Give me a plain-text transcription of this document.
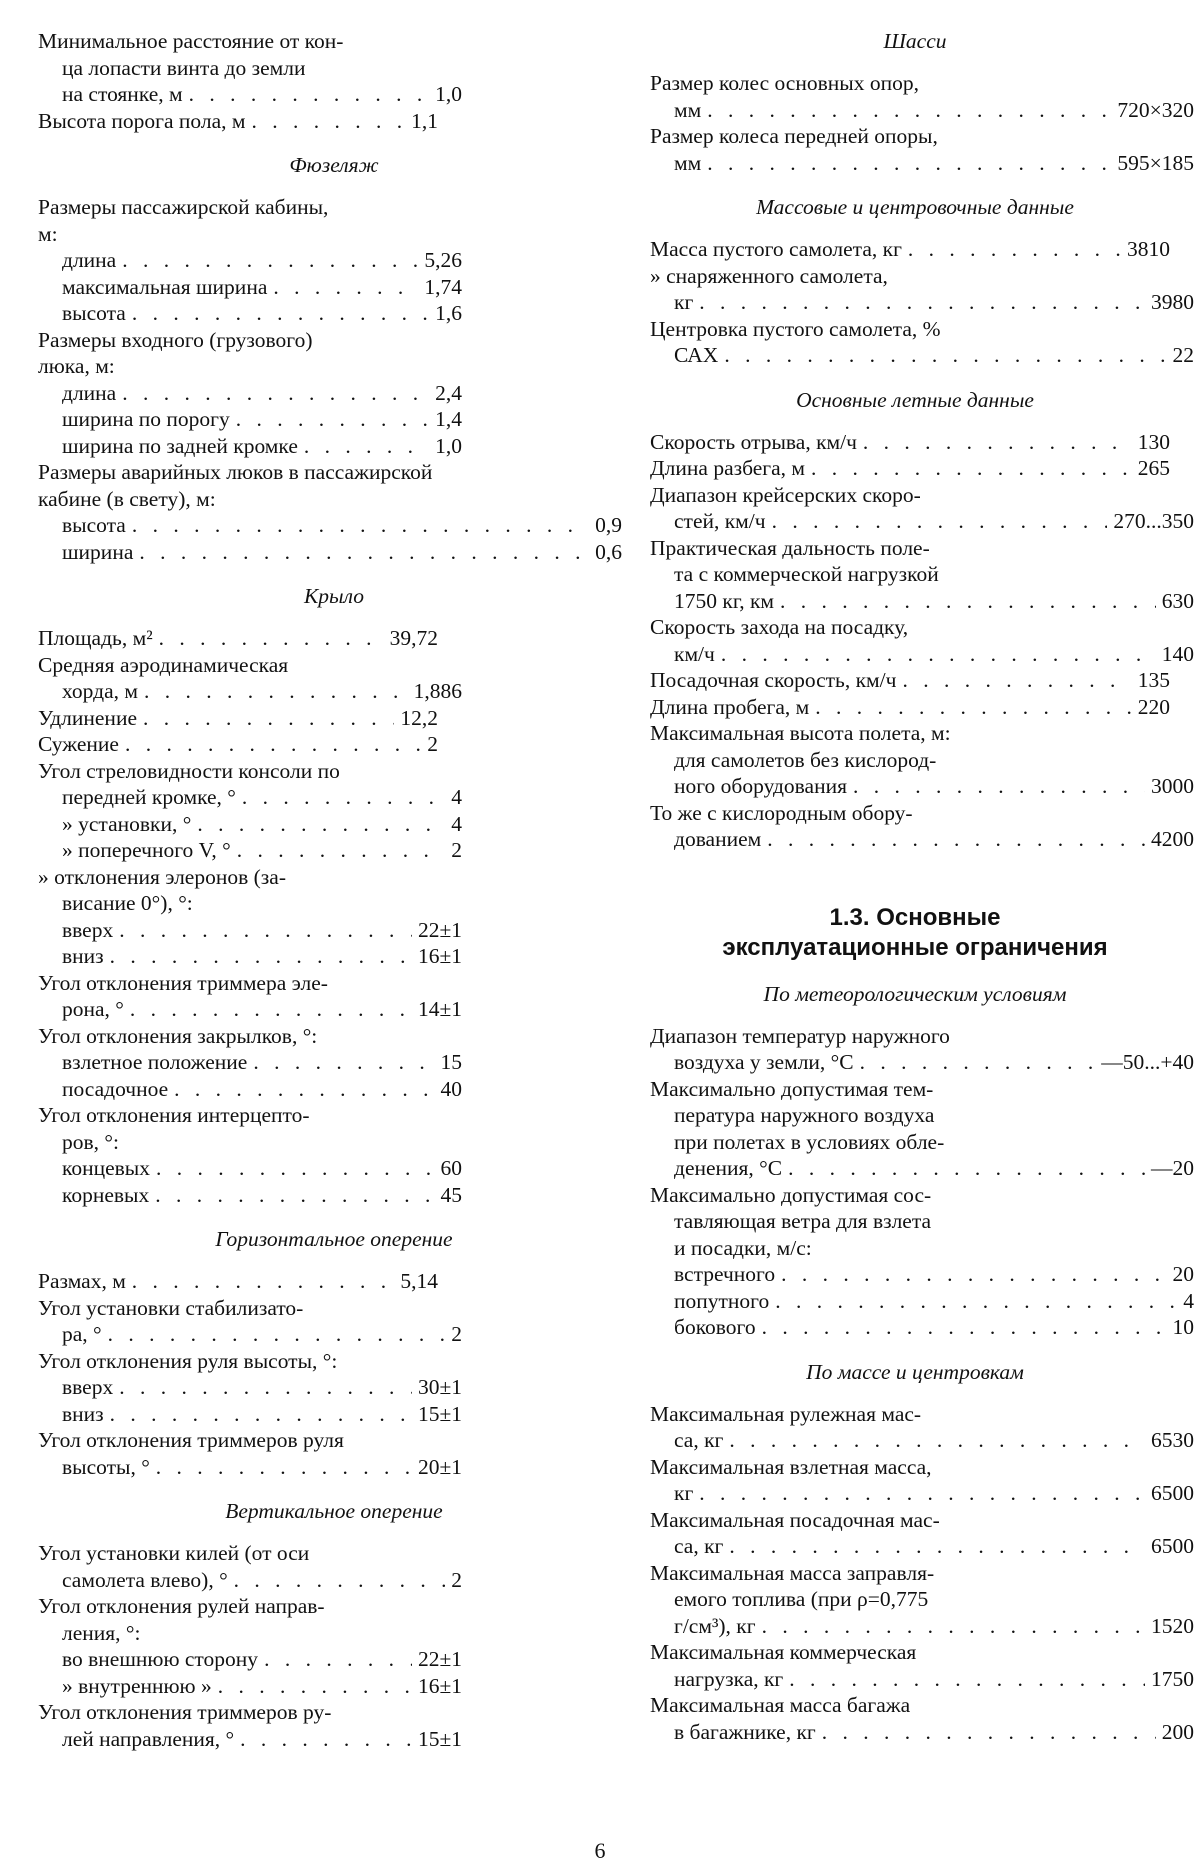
Минимальное расстояние от кон-
ца лопасти винта до земли
на стоянке, м . . .	1,0
Высота порога пола, м . . .	1,1
Фюзеляж
Размеры пассажирской кабины,
м:
длина . . .	5,26
максимальная ширина . . .	1,74
высота . . .	1,6
Размеры входного (грузового)
люка, м:
длина . . .	2,4
ширина по порогу . . .	1,4
ширина по задней кромке . . .	1,0
Размеры аварийных люков в пассажирской
кабине (в свету), м:
высота . . .	0,9
ширина . . .	0,6
Крыло
Площадь, м² . . .	39,72
Средняя аэродинамическая
хорда, м . . .	1,886
Удлинение . . .	12,2
Сужение . . .	2
Угол стреловидности консоли по
передней кромке, ° . . .	4
» установки, ° . . .	4
» поперечного V, ° . . .	2
» отклонения элеронов (за-
висание 0°), °:
вверх . . .	22±1
вниз . . .	16±1
Угол отклонения триммера эле-
рона, ° . . .	14±1
Угол отклонения закрылков, °:
взлетное положение . . .	15
посадочное . . .	40
Угол отклонения интерцепто-
ров, °:
концевых . . .	60
корневых . . .	45
Горизонтальное оперение
Размах, м . . .	5,14
Угол установки стабилизато-
ра, ° . . .	2
Угол отклонения руля высоты, °:
вверх . . .	30±1
вниз . . .	15±1
Угол отклонения триммеров руля
высоты, ° . . .	20±1
Вертикальное оперение
Угол установки килей (от оси
самолета влево), ° . . .	2
Угол отклонения рулей направ-
ления, °:
во внешнюю сторону . . .	22±1
» внутреннюю » . . .	16±1
Угол отклонения триммеров ру-
лей направления, ° . . .	15±1
Шасси
Размер колес основных опор,
мм . . .	720×320
Размер колеса передней опоры,
мм . . .	595×185
Массовые и центровочные данные
Масса пустого самолета, кг . . .	3810
» снаряженного самолета,
кг . . .	3980
Центровка пустого самолета, %
САХ . . .	22
Основные летные данные
Скорость отрыва, км/ч . . .	130
Длина разбега, м . . .	265
Диапазон крейсерских скоро-
стей, км/ч . . .	270...350
Практическая дальность поле-
та с коммерческой нагрузкой
1750 кг, км . . .	630
Скорость захода на посадку,
км/ч . . .	140
Посадочная скорость, км/ч . . .	135
Длина пробега, м . . .	220
Максимальная высота полета, м:
для самолетов без кислород-
ного оборудования . . .	3000
То же с кислородным обору-
дованием . . .	4200
1.3. Основные
эксплуатационные ограничения
По метеорологическим условиям
Диапазон температур наружного
воздуха у земли, °С . . .	—50...+40
Максимально допустимая тем-
пература наружного воздуха
при полетах в условиях обле-
денения, °С . . .	—20
Максимально допустимая сос-
тавляющая ветра для взлета
и посадки, м/с:
встречного . . .	20
попутного . . .	4
бокового . . .	10
По массе и центровкам
Максимальная рулежная мас-
са, кг . . .	6530
Максимальная взлетная масса,
кг . . .	6500
Максимальная посадочная мас-
са, кг . . .	6500
Максимальная масса заправля-
емого топлива (при ρ=0,775
г/см³), кг . . .	1520
Максимальная коммерческая
нагрузка, кг . . .	1750
Максимальная масса багажа
в багажнике, кг . . .	200
6
